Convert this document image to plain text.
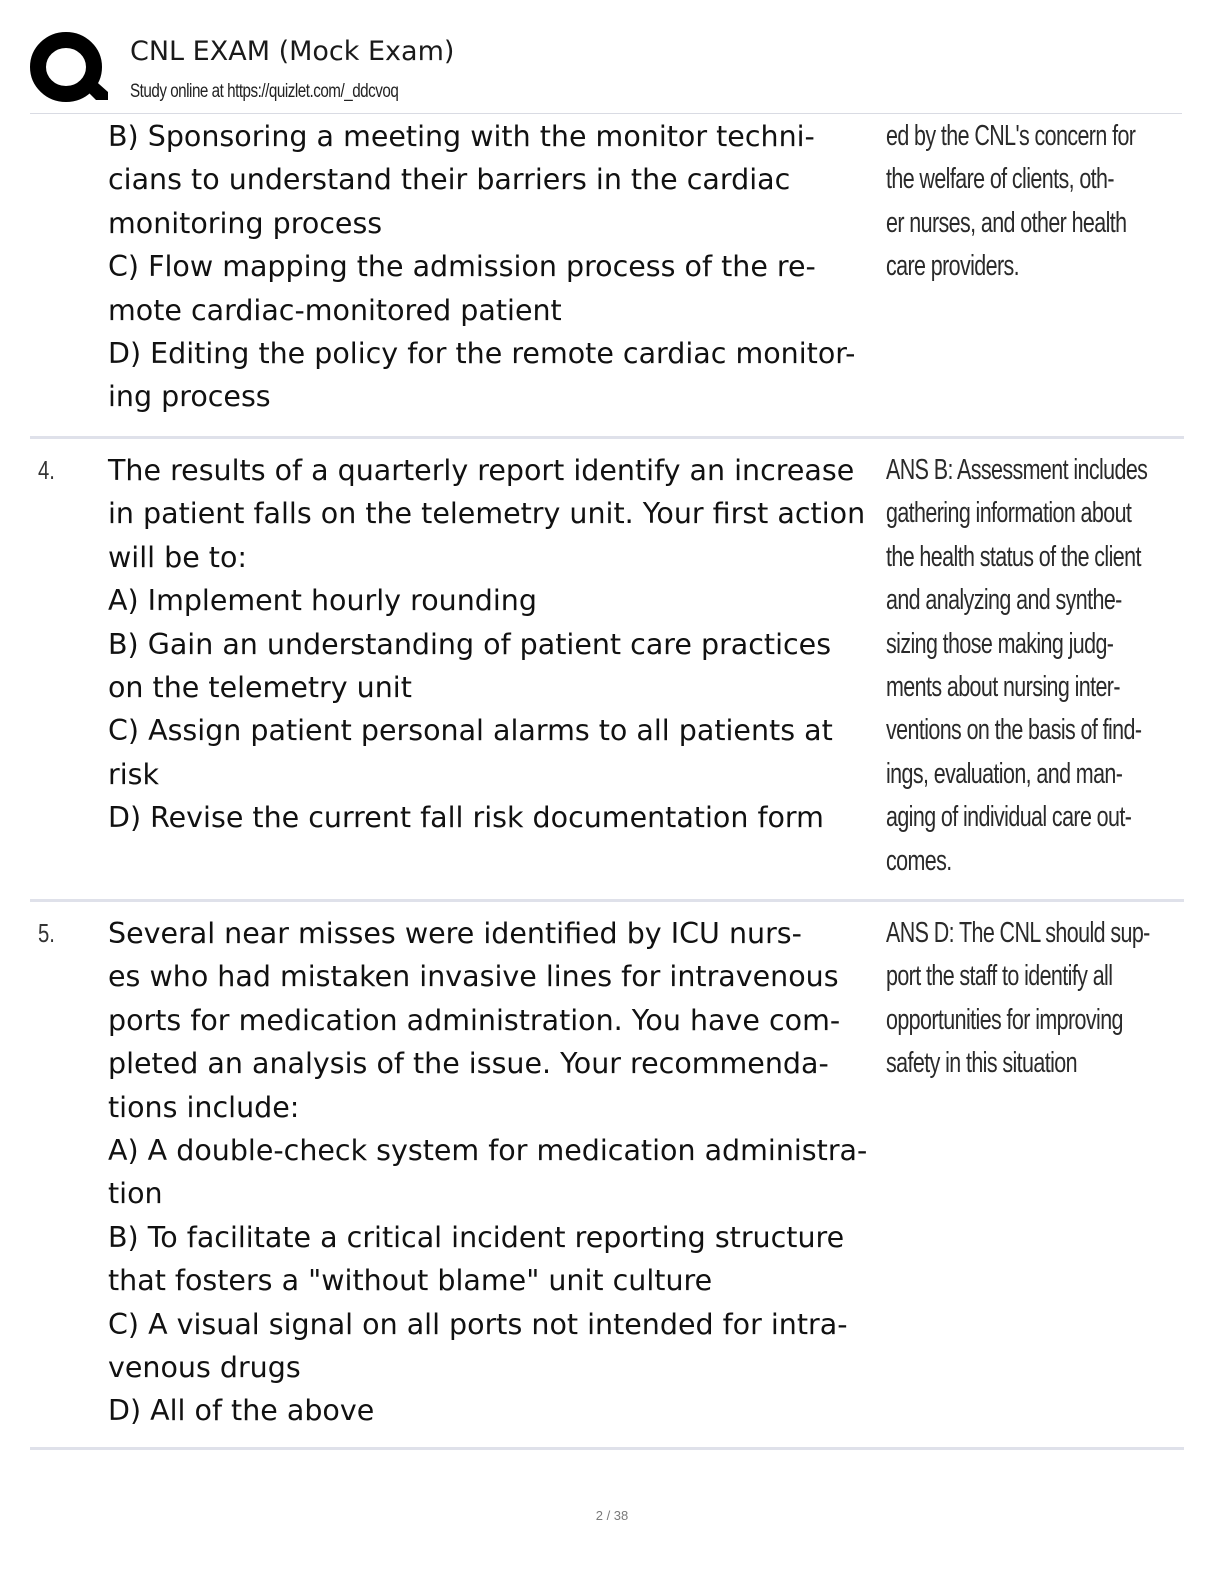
CNL EXAM (Mock Exam)
Study online at https://quizlet.com/_ddcvoq
B) Sponsoring a meeting with the monitor techni-
cians to understand their barriers in the cardiac
monitoring process
C) Flow mapping the admission process of the re-
mote cardiac-monitored patient
D) Editing the policy for the remote cardiac monitor-
ing process
ed by the CNL's concern for
the welfare of clients, oth-
er nurses, and other health
care providers.
4. The results of a quarterly report identify an increase
in patient falls on the telemetry unit. Your first action
will be to:
A) Implement hourly rounding
B) Gain an understanding of patient care practices
on the telemetry unit
C) Assign patient personal alarms to all patients at
risk
D) Revise the current fall risk documentation form
ANS B: Assessment includes
gathering information about
the health status of the client
and analyzing and synthe-
sizing those making judg-
ments about nursing inter-
ventions on the basis of find-
ings, evaluation, and man-
aging of individual care out-
comes.
5. Several near misses were identified by ICU nurs-
es who had mistaken invasive lines for intravenous
ports for medication administration. You have com-
pleted an analysis of the issue. Your recommenda-
tions include:
A) A double-check system for medication administra-
tion
B) To facilitate a critical incident reporting structure
that fosters a "without blame" unit culture
C) A visual signal on all ports not intended for intra-
venous drugs
D) All of the above
ANS D: The CNL should sup-
port the staff to identify all
opportunities for improving
safety in this situation
2 / 38
